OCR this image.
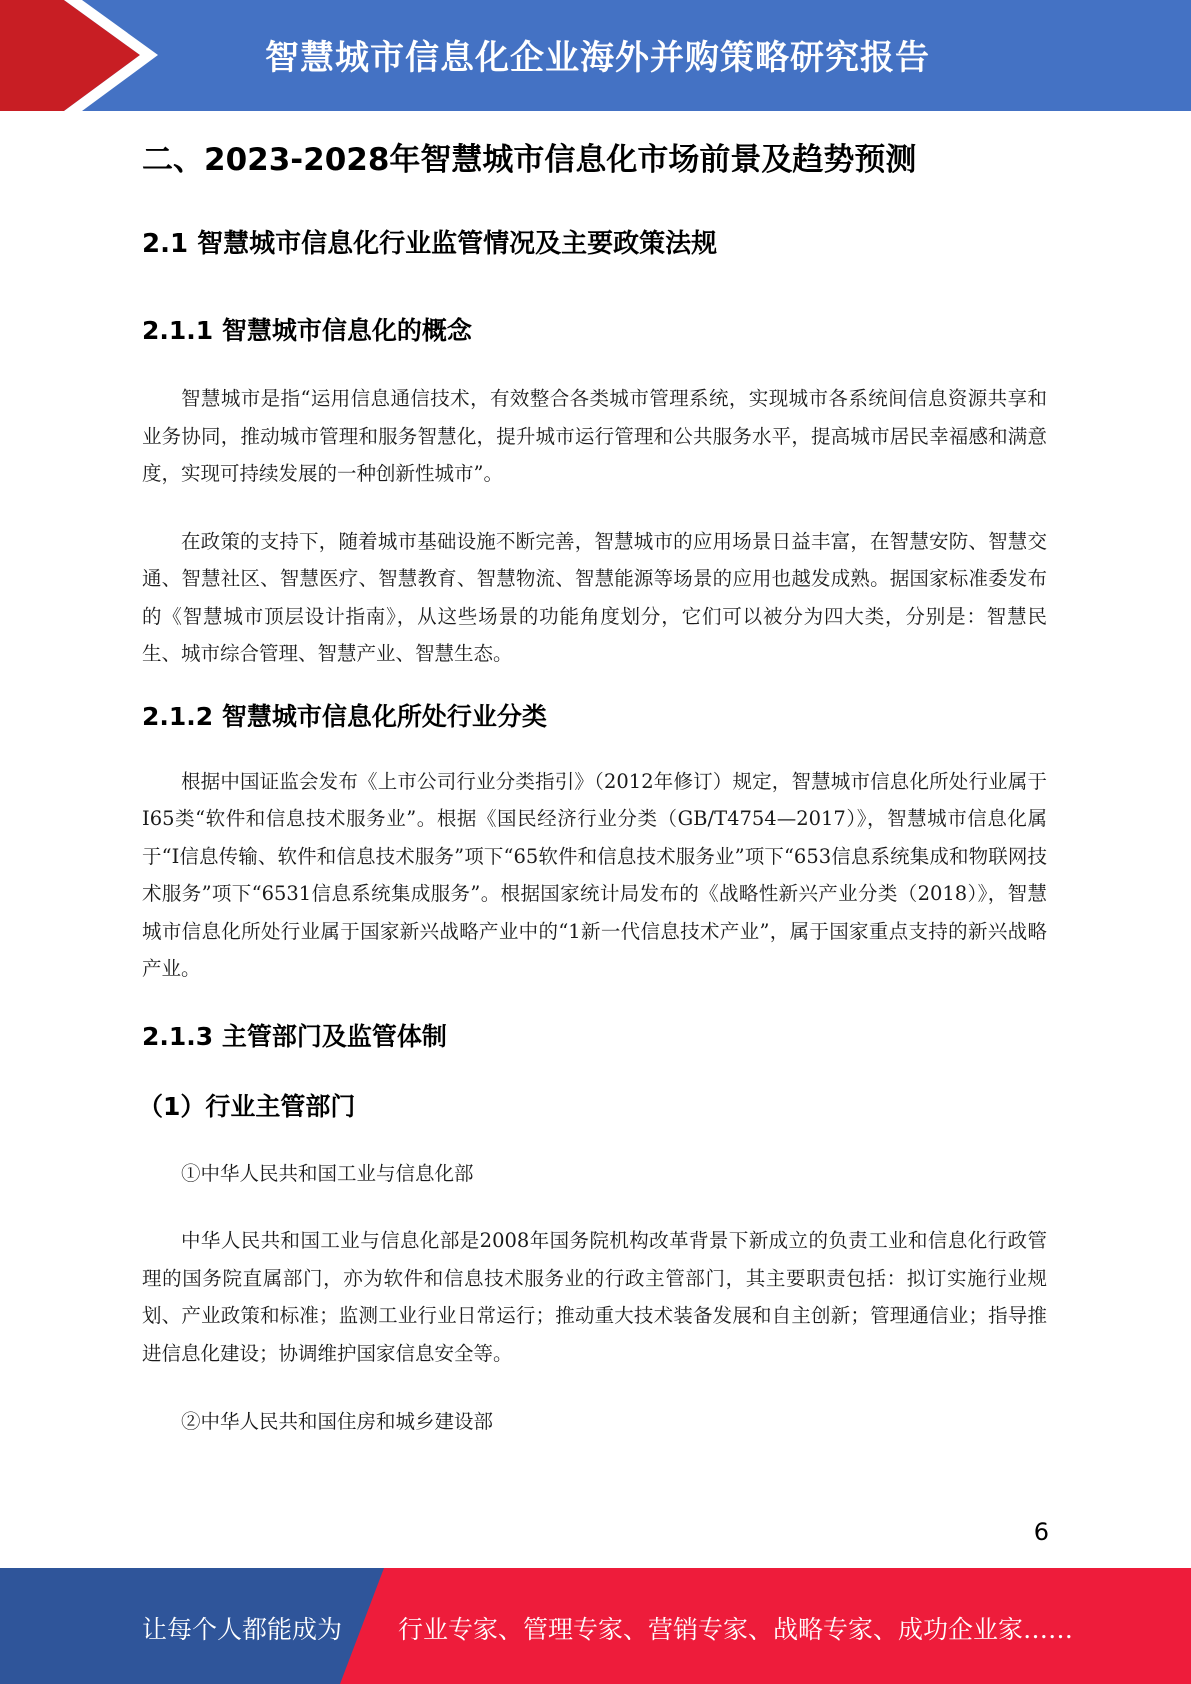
智慧城市信息化企业海外并购策略研究报告
二、2023-2028年智慧城市信息化市场前景及趋势预测
2.1 智慧城市信息化行业监管情况及主要政策法规
2.1.1 智慧城市信息化的概念

智慧城市是指“运用信息通信技术，有效整合各类城市管理系统，实现城市各系统间信息资源共享和业务协同，推动城市管理和服务智慧化，提升城市运行管理和公共服务水平，提高城市居民幸福感和满意度，实现可持续发展的一种创新性城市”。

在政策的支持下，随着城市基础设施不断完善，智慧城市的应用场景日益丰富，在智慧安防、智慧交通、智慧社区、智慧医疗、智慧教育、智慧物流、智慧能源等场景的应用也越发成熟。据国家标准委发布的《智慧城市顶层设计指南》，从这些场景的功能角度划分，它们可以被分为四大类，分别是：智慧民生、城市综合管理、智慧产业、智慧生态。

2.1.2 智慧城市信息化所处行业分类

根据中国证监会发布《上市公司行业分类指引》（2012年修订）规定，智慧城市信息化所处行业属于I65类“软件和信息技术服务业”。根据《国民经济行业分类（GB/T4754—2017）》，智慧城市信息化属于“I信息传输、软件和信息技术服务”项下“65软件和信息技术服务业”项下“653信息系统集成和物联网技术服务”项下“6531信息系统集成服务”。根据国家统计局发布的《战略性新兴产业分类（2018）》，智慧城市信息化所处行业属于国家新兴战略产业中的“1新一代信息技术产业”，属于国家重点支持的新兴战略产业。

2.1.3 主管部门及监管体制
（1）行业主管部门

①中华人民共和国工业与信息化部

中华人民共和国工业与信息化部是2008年国务院机构改革背景下新成立的负责工业和信息化行政管理的国务院直属部门，亦为软件和信息技术服务业的行政主管部门，其主要职责包括：拟订实施行业规划、产业政策和标准；监测工业行业日常运行；推动重大技术装备发展和自主创新；管理通信业；指导推进信息化建设；协调维护国家信息安全等。

②中华人民共和国住房和城乡建设部

6
让每个人都能成为 行业专家、管理专家、营销专家、战略专家、成功企业家……
